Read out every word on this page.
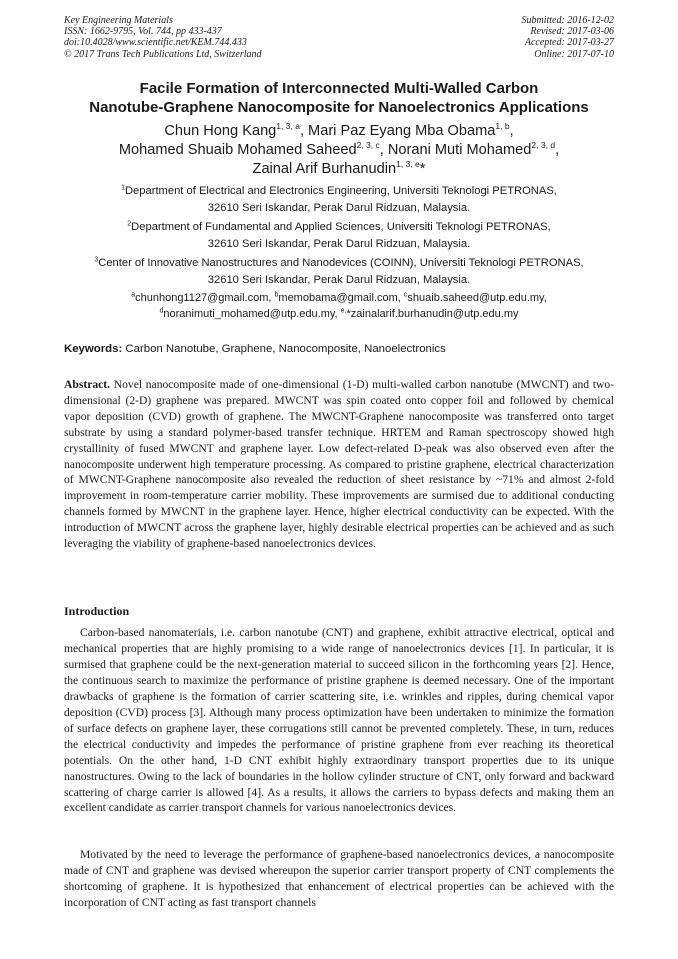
Key Engineering Materials
ISSN: 1662-9795, Vol. 744, pp 433-437
doi:10.4028/www.scientific.net/KEM.744.433
© 2017 Trans Tech Publications Ltd, Switzerland
Submitted: 2016-12-02
Revised: 2017-03-06
Accepted: 2017-03-27
Online: 2017-07-10
Facile Formation of Interconnected Multi-Walled Carbon
Nanotube-Graphene Nanocomposite for Nanoelectronics Applications
Chun Hong Kang$^{1, 3, a}$, Mari Paz Eyang Mba Obama$^{1, b}$,
Mohamed Shuaib Mohamed Saheed$^{2, 3, c}$, Norani Muti Mohamed$^{2, 3, d}$,
Zainal Arif Burhanudin$^{1, 3, e}$*
$^1$Department of Electrical and Electronics Engineering, Universiti Teknologi PETRONAS,
32610 Seri Iskandar, Perak Darul Ridzuan, Malaysia.
$^2$Department of Fundamental and Applied Sciences, Universiti Teknologi PETRONAS,
32610 Seri Iskandar, Perak Darul Ridzuan, Malaysia.
$^3$Center of Innovative Nanostructures and Nanodevices (COINN), Universiti Teknologi PETRONAS,
32610 Seri Iskandar, Perak Darul Ridzuan, Malaysia.
$^a$chunhong1127@gmail.com, $^b$memobama@gmail.com, $^c$shuaib.saheed@utp.edu.my,
$^d$noranimuti_mohamed@utp.edu.my, $^{e,}$*zainalarif.burhanudin@utp.edu.my
Keywords: Carbon Nanotube, Graphene, Nanocomposite, Nanoelectronics

Abstract. Novel nanocomposite made of one-dimensional (1-D) multi-walled carbon nanotube (MWCNT) and two-dimensional (2-D) graphene was prepared. MWCNT was spin coated onto copper foil and followed by chemical vapor deposition (CVD) growth of graphene. The MWCNT-Graphene nanocomposite was transferred onto target substrate by using a standard polymer-based transfer technique. HRTEM and Raman spectroscopy showed high crystallinity of fused MWCNT and graphene layer. Low defect-related D-peak was also observed even after the nanocomposite underwent high temperature processing. As compared to pristine graphene, electrical characterization of MWCNT-Graphene nanocomposite also revealed the reduction of sheet resistance by ~71% and almost 2-fold improvement in room-temperature carrier mobility. These improvements are surmised due to additional conducting channels formed by MWCNT in the graphene layer. Hence, higher electrical conductivity can be expected. With the introduction of MWCNT across the graphene layer, highly desirable electrical properties can be achieved and as such leveraging the viability of graphene-based nanoelectronics devices.

Introduction

Carbon-based nanomaterials, i.e. carbon nanotube (CNT) and graphene, exhibit attractive electrical, optical and mechanical properties that are highly promising to a wide range of nanoelectronics devices [1]. In particular, it is surmised that graphene could be the next-generation material to succeed silicon in the forthcoming years [2]. Hence, the continuous search to maximize the performance of pristine graphene is deemed necessary. One of the important drawbacks of graphene is the formation of carrier scattering site, i.e. wrinkles and ripples, during chemical vapor deposition (CVD) process [3]. Although many process optimization have been undertaken to minimize the formation of surface defects on graphene layer, these corrugations still cannot be prevented completely. These, in turn, reduces the electrical conductivity and impedes the performance of pristine graphene from ever reaching its theoretical potentials. On the other hand, 1-D CNT exhibit highly extraordinary transport properties due to its unique nanostructures. Owing to the lack of boundaries in the hollow cylinder structure of CNT, only forward and backward scattering of charge carrier is allowed [4]. As a results, it allows the carriers to bypass defects and making them an excellent candidate as carrier transport channels for various nanoelectronics devices.

Motivated by the need to leverage the performance of graphene-based nanoelectronics devices, a nanocomposite made of CNT and graphene was devised whereupon the superior carrier transport property of CNT complements the shortcoming of graphene. It is hypothesized that enhancement of electrical properties can be achieved with the incorporation of CNT acting as fast transport channels
